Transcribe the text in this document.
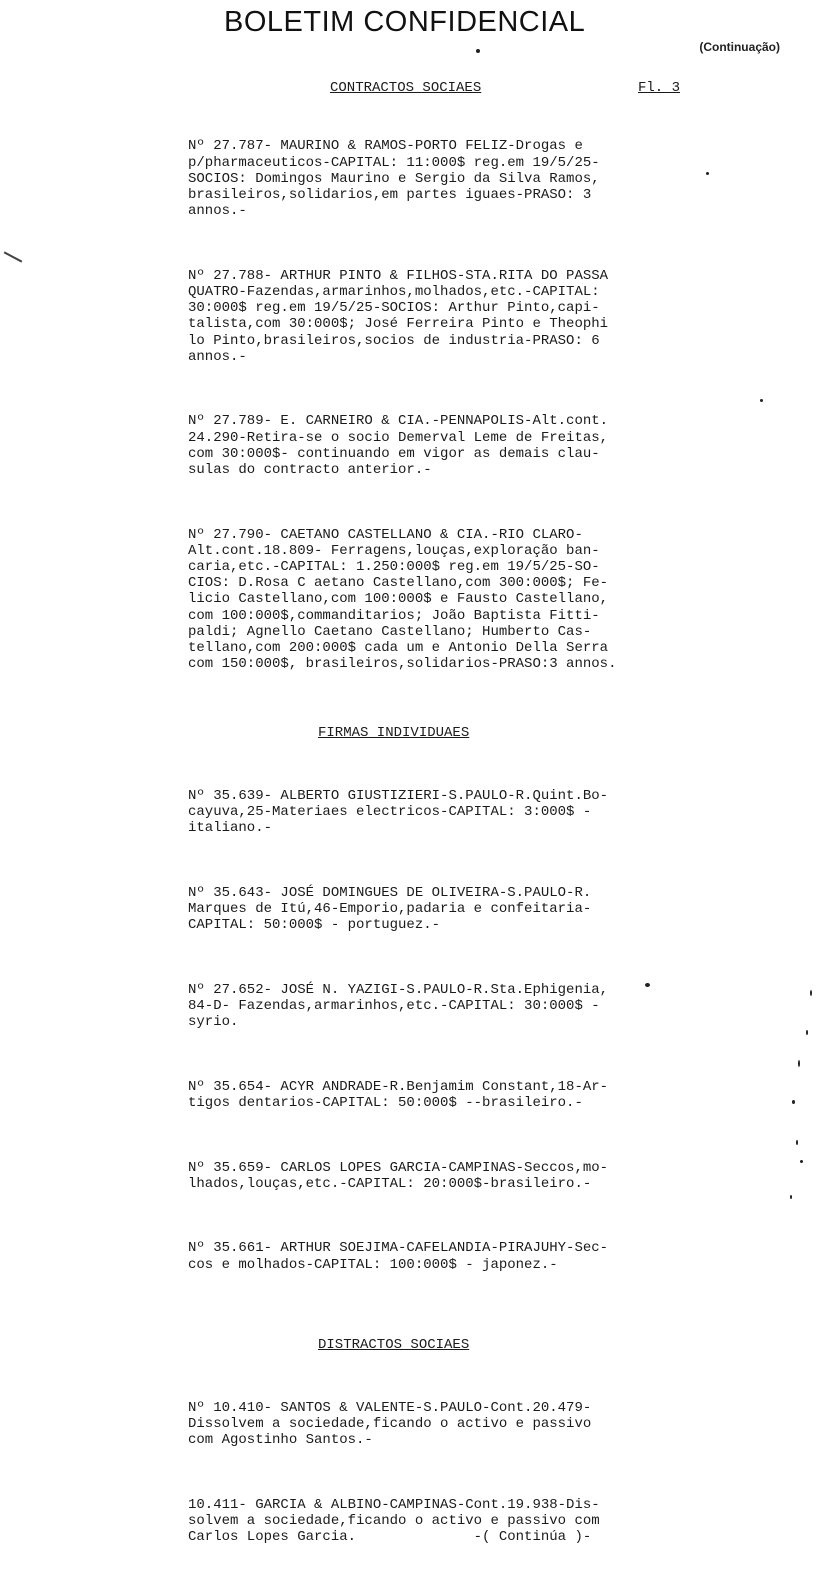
BOLETIM CONFIDENCIAL
(Continuação)
CONTRACTOS SOCIAES	Fl. 3

Nº 27.787- MAURINO & RAMOS-PORTO FELIZ-Drogas e
p/pharmaceuticos-CAPITAL: 11:000$ reg.em 19/5/25-
SOCIOS: Domingos Maurino e Sergio da Silva Ramos,
brasileiros,solidarios,em partes iguaes-PRASO: 3
annos.-

Nº 27.788- ARTHUR PINTO & FILHOS-STA.RITA DO PASSA
QUATRO-Fazendas,armarinhos,molhados,etc.-CAPITAL:
30:000$ reg.em 19/5/25-SOCIOS: Arthur Pinto,capi-
talista,com 30:000$; José Ferreira Pinto e Theophi
lo Pinto,brasileiros,socios de industria-PRASO: 6
annos.-

Nº 27.789- E. CARNEIRO & CIA.-PENNAPOLIS-Alt.cont.
24.290-Retira-se o socio Demerval Leme de Freitas,
com 30:000$- continuando em vigor as demais clau-
sulas do contracto anterior.-

Nº 27.790- CAETANO CASTELLANO & CIA.-RIO CLARO-
Alt.cont.18.809- Ferragens,louças,exploração ban-
caria,etc.-CAPITAL: 1.250:000$ reg.em 19/5/25-SO-
CIOS: D.Rosa C aetano Castellano,com 300:000$; Fe-
licio Castellano,com 100:000$ e Fausto Castellano,
com 100:000$,commanditarios; João Baptista Fitti-
paldi; Agnello Caetano Castellano; Humberto Cas-
tellano,com 200:000$ cada um e Antonio Della Serra
com 150:000$, brasileiros,solidarios-PRASO:3 annos.

FIRMAS INDIVIDUAES

Nº 35.639- ALBERTO GIUSTIZIERI-S.PAULO-R.Quint.Bo-
cayuva,25-Materiaes electricos-CAPITAL: 3:000$ -
italiano.-

Nº 35.643- JOSÉ DOMINGUES DE OLIVEIRA-S.PAULO-R.
Marques de Itú,46-Emporio,padaria e confeitaria-
CAPITAL: 50:000$ - portuguez.-

Nº 27.652- JOSÉ N. YAZIGI-S.PAULO-R.Sta.Ephigenia,
84-D- Fazendas,armarinhos,etc.-CAPITAL: 30:000$ -
syrio.

Nº 35.654- ACYR ANDRADE-R.Benjamim Constant,18-Ar-
tigos dentarios-CAPITAL: 50:000$ --brasileiro.-

Nº 35.659- CARLOS LOPES GARCIA-CAMPINAS-Seccos,mo-
lhados,louças,etc.-CAPITAL: 20:000$-brasileiro.-

Nº 35.661- ARTHUR SOEJIMA-CAFELANDIA-PIRAJUHY-Sec-
cos e molhados-CAPITAL: 100:000$ - japonez.-

DISTRACTOS SOCIAES

Nº 10.410- SANTOS & VALENTE-S.PAULO-Cont.20.479-
Dissolvem a sociedade,ficando o activo e passivo
com Agostinho Santos.-

10.411- GARCIA & ALBINO-CAMPINAS-Cont.19.938-Dis-
solvem a sociedade,ficando o activo e passivo com
Carlos Lopes Garcia.              -( Continúa )-
